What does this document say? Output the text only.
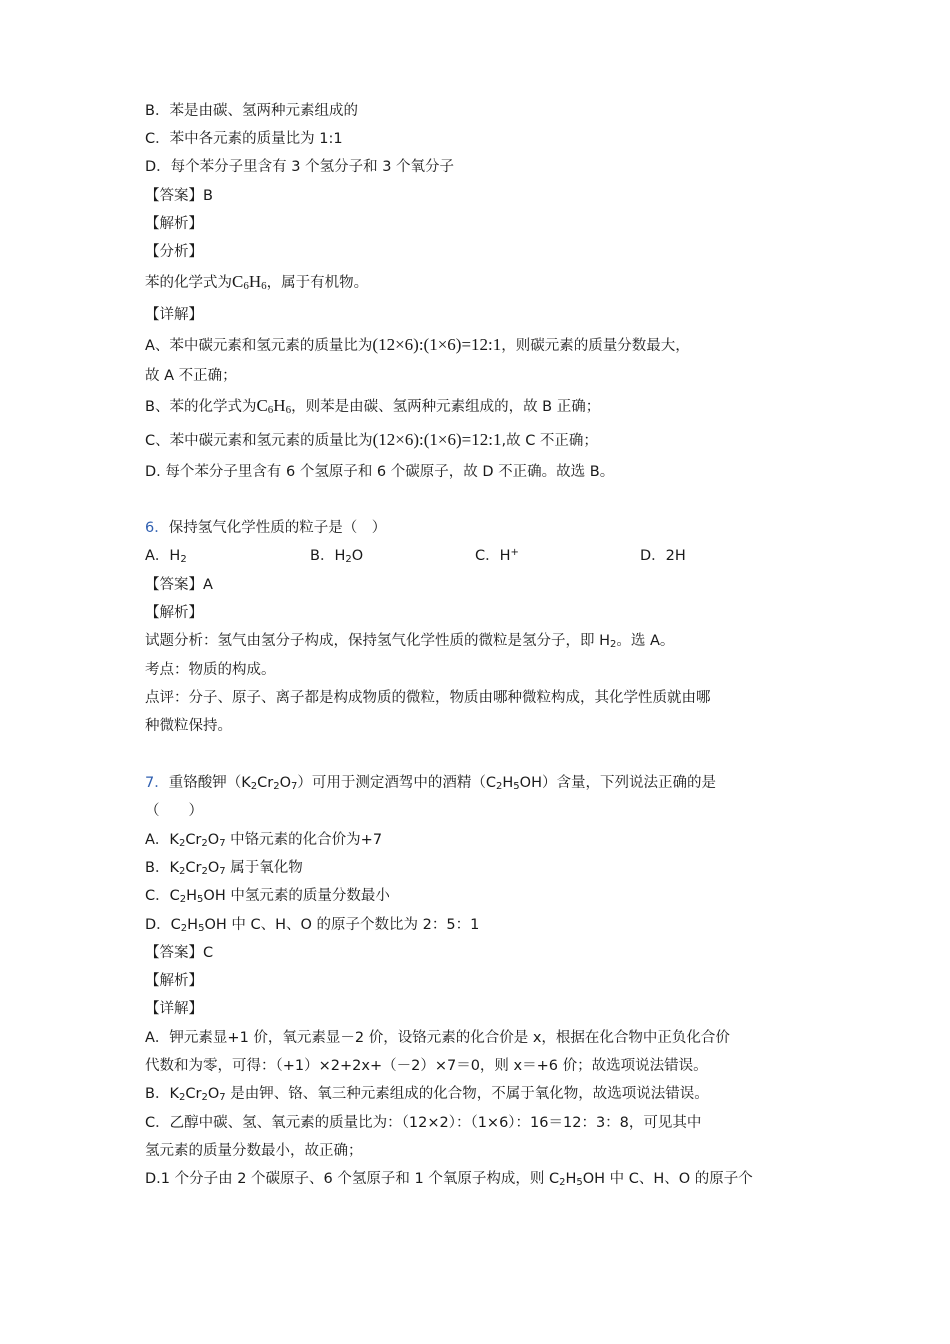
B．苯是由碳、氢两种元素组成的
C．苯中各元素的质量比为 1:1
D．每个苯分子里含有 3 个氢分子和 3 个氧分子
【答案】B
【解析】
【分析】
苯的化学式为$C_6H_6$，属于有机物。
【详解】
A、苯中碳元素和氢元素的质量比为(12×6):(1×6)=12:1，则碳元素的质量分数最大，
故 A 不正确；
B、苯的化学式为$C_6H_6$，则苯是由碳、氢两种元素组成的，故 B 正确；
C、苯中碳元素和氢元素的质量比为(12×6):(1×6)=12:1,故 C 不正确；
D. 每个苯分子里含有 6 个氢原子和 6 个碳原子，故 D 不正确。故选 B。
6．保持氢气化学性质的粒子是（　）
A．$H_2$	B．$H_2O$	C．H+	D．2H
【答案】A
【解析】
试题分析：氢气由氢分子构成，保持氢气化学性质的微粒是氢分子，即 $H_2$。选 A。
考点：物质的构成。
点评：分子、原子、离子都是构成物质的微粒，物质由哪种微粒构成，其化学性质就由哪
种微粒保持。
7．重铬酸钾$(K_2Cr_2O_7)$可用于测定酒驾中的酒精$(C_2H_5OH)$含量，下列说法正确的是
（　　）
A．$K_2Cr_2O_7$ 中铬元素的化合价为+7
B．$K_2Cr_2O_7$ 属于氧化物
C．$C_2H_5OH$ 中氢元素的质量分数最小
D．$C_2H_5OH$ 中 C、H、O 的原子个数比为 2：5：1
【答案】C
【解析】
【详解】
A．钾元素显+1 价，氧元素显－2 价，设铬元素的化合价是 x，根据在化合物中正负化合价
代数和为零，可得：（+1）×2+2x+（－2）×7＝0，则 x＝+6 价；故选项说法错误。
B．$K_2Cr_2O_7$ 是由钾、铬、氧三种元素组成的化合物，不属于氧化物，故选项说法错误。
C．乙醇中碳、氢、氧元素的质量比为：（12×2）：（1×6）：16＝12：3：8，可见其中
氢元素的质量分数最小，故正确；
D.1 个分子由 2 个碳原子、6 个氢原子和 1 个氧原子构成，则 $C_2H_5OH$ 中 C、H、O 的原子个
